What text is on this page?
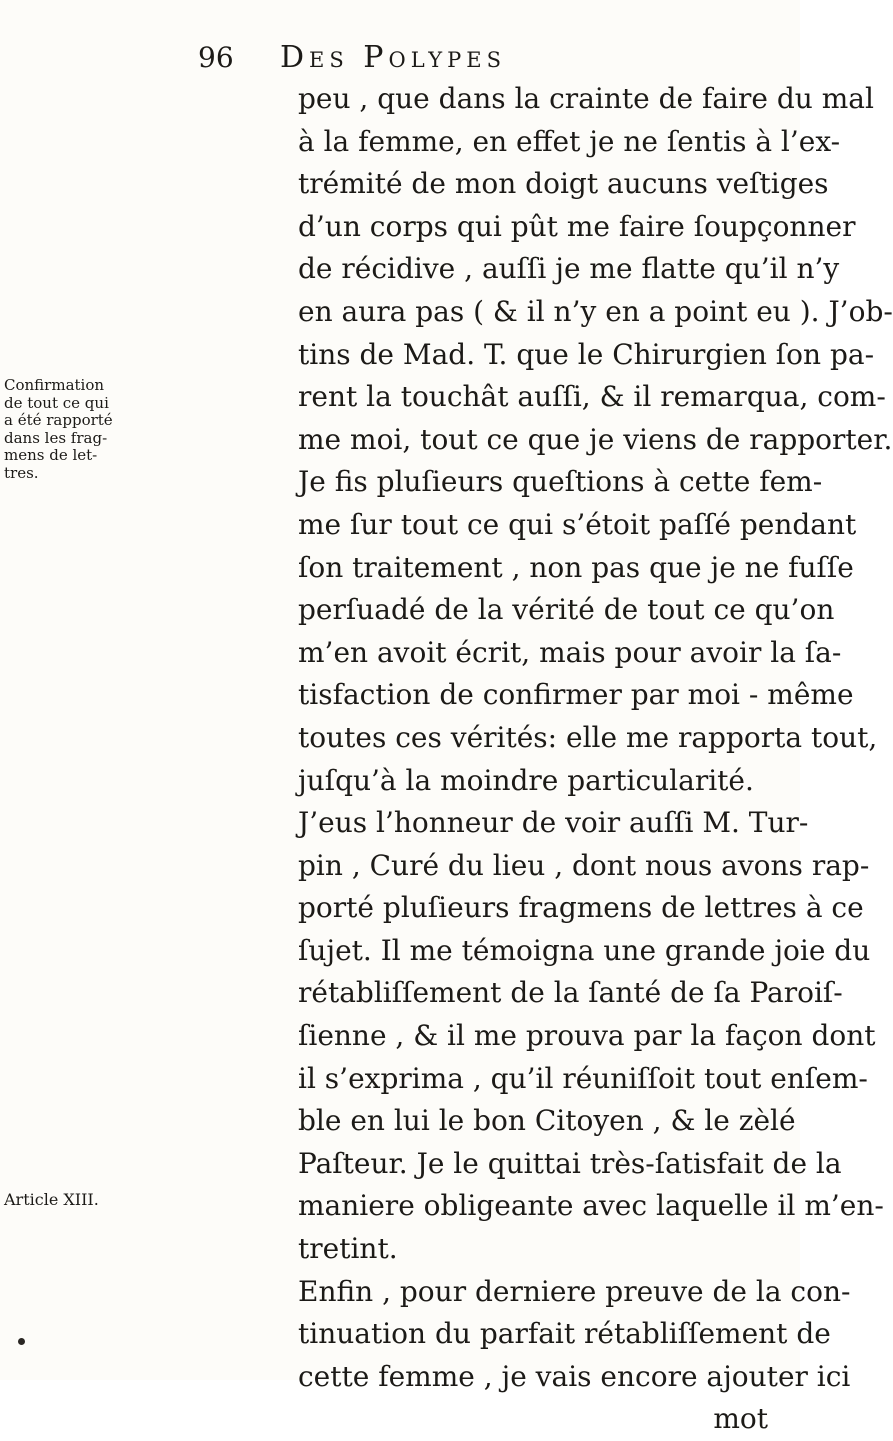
96 Des Polypes
Confirmation
de tout ce qui
a été rapporté
dans les frag-
mens de let-
tres.
Article XIII.
peu , que dans la crainte de faire du mal
à la femme, en effet je ne ſentis à l’ex-
trémité de mon doigt aucuns veſtiges
d’un corps qui pût me faire ſoupçonner
de récidive , auſſi je me flatte qu’il n’y
en aura pas ( & il n’y en a point eu ). J’ob-
tins de Mad. T. que le Chirurgien ſon pa-
rent la touchât auſſi, & il remarqua, com-
me moi, tout ce que je viens de rapporter.
Je fis pluſieurs queſtions à cette fem-
me ſur tout ce qui s’étoit paſſé pendant
ſon traitement , non pas que je ne fuſſe
perſuadé de la vérité de tout ce qu’on
m’en avoit écrit, mais pour avoir la ſa-
tisfaction de confirmer par moi - même
toutes ces vérités: elle me rapporta tout,
juſqu’à la moindre particularité.
J’eus l’honneur de voir auſſi M. Tur-
pin , Curé du lieu , dont nous avons rap-
porté pluſieurs fragmens de lettres à ce
ſujet. Il me témoigna une grande joie du
rétabliſſement de la ſanté de ſa Paroiſ-
ſienne , & il me prouva par la façon dont
il s’exprima , qu’il réuniſſoit tout enſem-
ble en lui le bon Citoyen , & le zèlé
Paſteur. Je le quittai très-ſatisfait de la
maniere obligeante avec laquelle il m’en-
tretint.
Enfin , pour derniere preuve de la con-
tinuation du parfait rétabliſſement de
cette femme , je vais encore ajouter ici
mot
